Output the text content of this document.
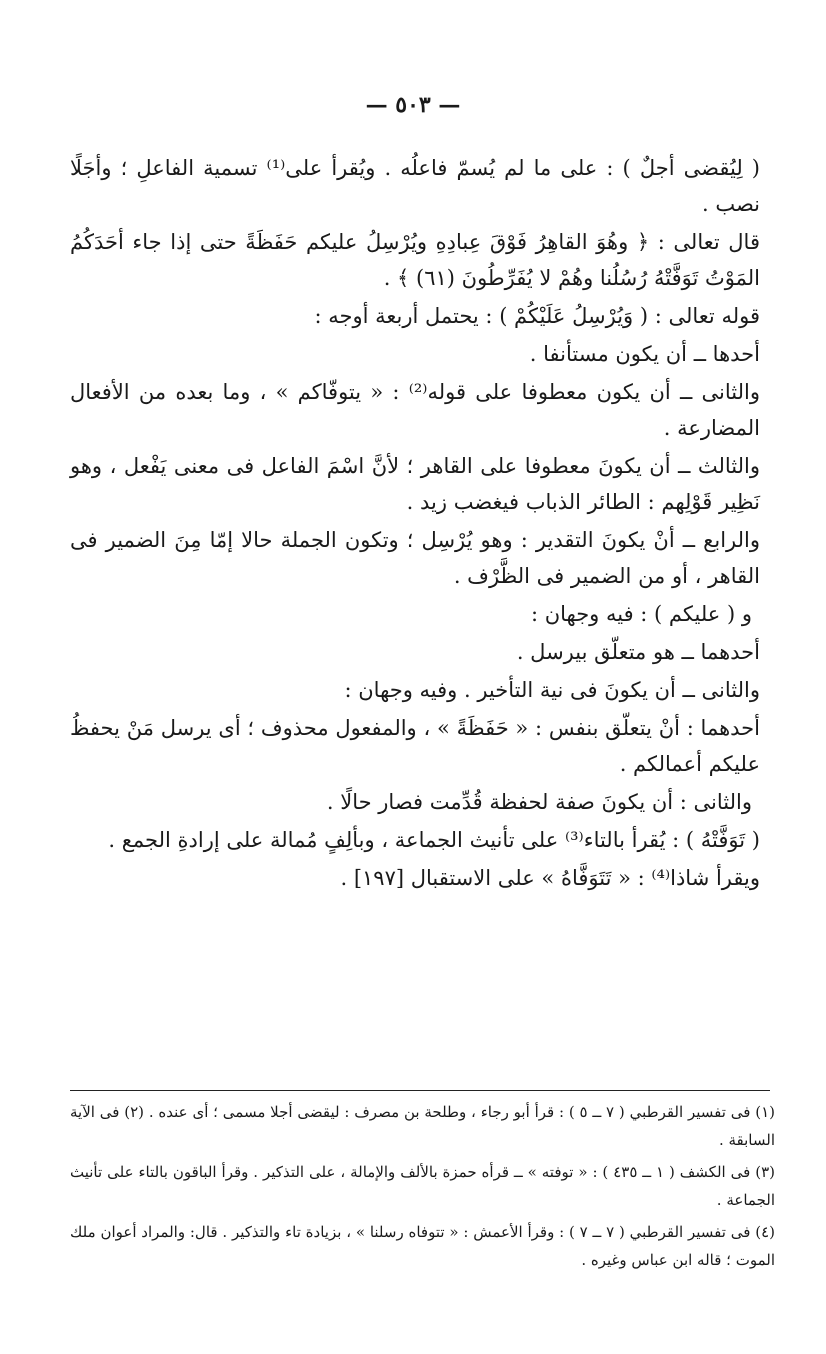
— ٥٠٣ —

( لِيُقضى أجلٌ ) : على ما لم يُسمّ فاعلُه . ويُقرأ على⁽¹⁾ تسمية الفاعلِ ؛ وأجَلًا نصب .

قال تعالى : ﴿ وهُوَ القاهِرُ فَوْقَ عِبادِهِ ويُرْسِلُ عليكم حَفَظَةً حتى إذا جاء أحَدَكُمُ المَوْتُ تَوَفَّتْهُ رُسُلُنا وهُمْ لا يُفَرِّطُونَ (٦١) ﴾ .

قوله تعالى : ( وَيُرْسِلُ عَلَيْكُمْ ) : يحتمل أربعة أوجه :

أحدها ــ أن يكون مستأنفا .

والثانى ــ أن يكون معطوفا على قوله⁽²⁾ : « يتوفّاكم » ، وما بعده من الأفعال المضارعة .

والثالث ــ أن يكونَ معطوفا على القاهر ؛ لأنَّ اسْمَ الفاعل فى معنى يَفْعل ، وهو نَظِير قَوْلِهم : الطائر الذباب فيغضب زيد .

والرابع ــ أنْ يكونَ التقدير : وهو يُرْسِل ؛ وتكون الجملة حالا إمّا مِنَ الضمير فى القاهر ، أو من الضمير فى الظَّرْف .

و ( عليكم ) : فيه وجهان :

أحدهما ــ هو متعلّق بيرسل .

والثانى ــ أن يكونَ فى نية التأخير . وفيه وجهان :

أحدهما : أنْ يتعلّق بنفس : « حَفَظَةً » ، والمفعول محذوف ؛ أى يرسل مَنْ يحفظُ عليكم أعمالكم .

والثانى : أن يكونَ صفة لحفظة قُدِّمت فصار حالًا .

( تَوَفَّتْهُ ) : يُقرأ بالتاء⁽³⁾ على تأنيث الجماعة ، وبألِفٍ مُمالة على إرادةِ الجمع .

ويقرأ شاذا⁽⁴⁾ : « تَتَوَفَّاهُ » على الاستقبال [١٩٧] .

(١) فى تفسير القرطبي ( ٧ ــ ٥ ) : قرأ أبو رجاء ، وطلحة بن مصرف : ليقضى أجلا مسمى ؛ أى عنده . (٢) فى الآية السابقة .

(٣) فى الكشف ( ١ ــ ٤٣٥ ) : « توفته » ــ قرأه حمزة بالألف والإمالة ، على التذكير . وقرأ الباقون بالتاء على تأنيث الجماعة .

(٤) فى تفسير القرطبي ( ٧ ــ ٧ ) : وقرأ الأعمش : « تتوفاه رسلنا » ، بزيادة تاء والتذكير . قال: والمراد أعوان ملك الموت ؛ قاله ابن عباس وغيره .
